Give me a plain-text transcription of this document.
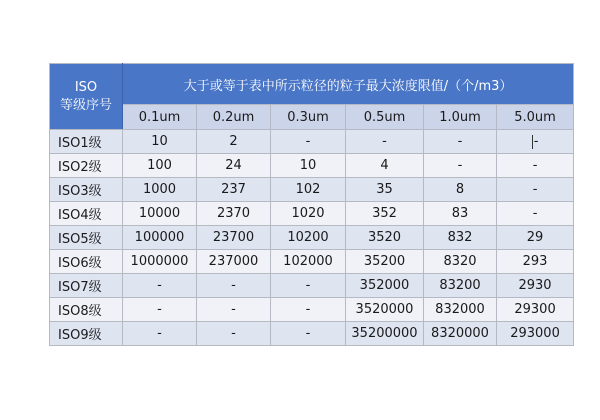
ISO
等级序号	大于或等于表中所示粒径的粒子最大浓度限值/（个/m3）					
	0.1um	0.2um	0.3um	0.5um	1.0um	5.0um
ISO1级	10	2	-	-	-	-
ISO2级	100	24	10	4	-	-
ISO3级	1000	237	102	35	8	-
ISO4级	10000	2370	1020	352	83	-
ISO5级	100000	23700	10200	3520	832	29
ISO6级	1000000	237000	102000	35200	8320	293
ISO7级	-	-	-	352000	83200	2930
ISO8级	-	-	-	3520000	832000	29300
ISO9级	-	-	-	35200000	8320000	293000
